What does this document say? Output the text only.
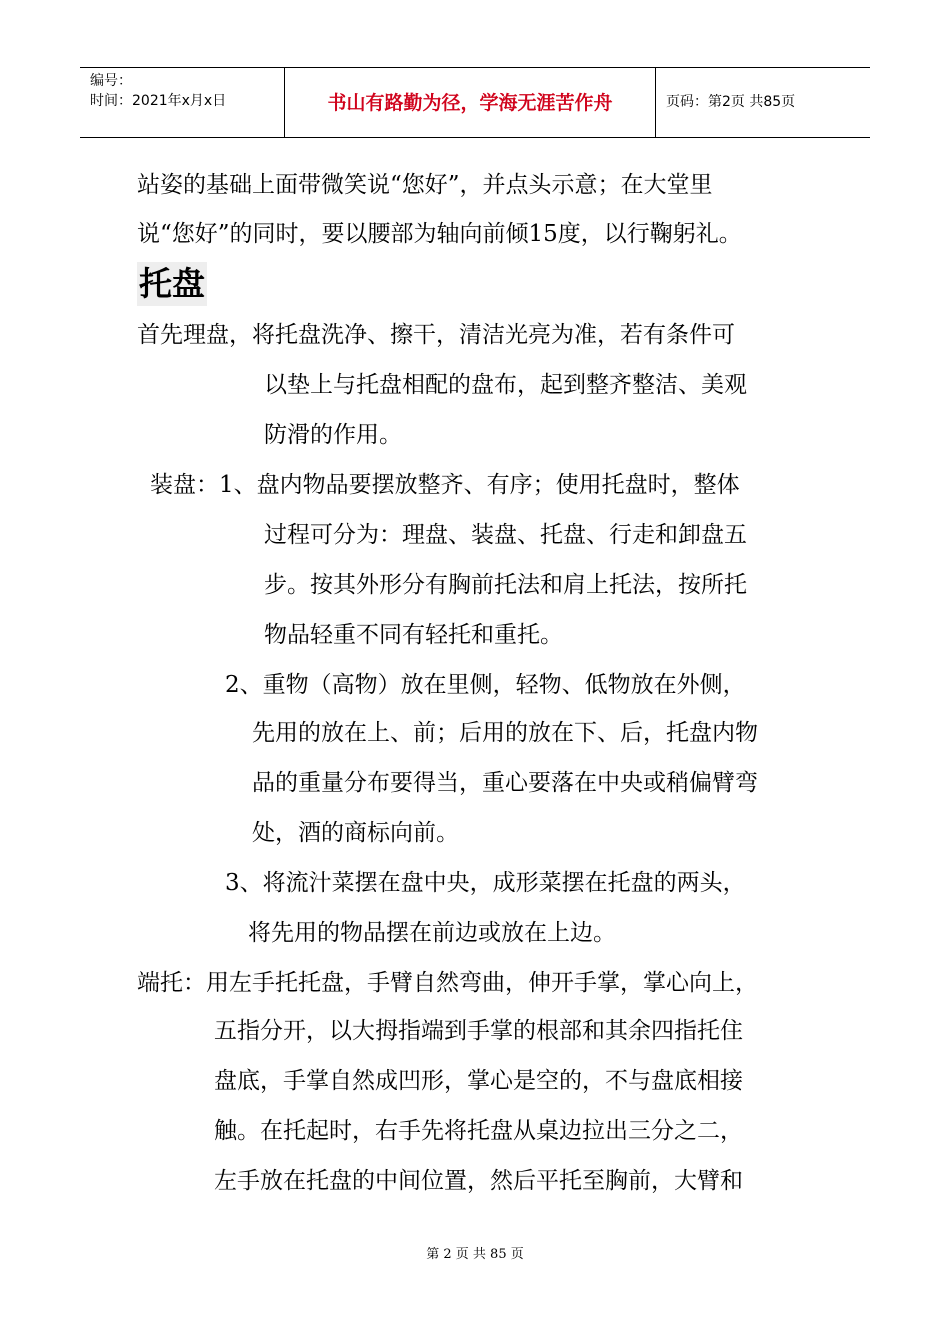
编号：
时间：2021年x月x日	书山有路勤为径，学海无涯苦作舟	页码：第2页 共85页
站姿的基础上面带微笑说“您好”，并点头示意；在大堂里
说“您好”的同时，要以腰部为轴向前倾15度，以行鞠躬礼。
托盘
首先理盘，将托盘洗净、擦干，清洁光亮为准，若有条件可
以垫上与托盘相配的盘布，起到整齐整洁、美观
防滑的作用。
装盘：1、盘内物品要摆放整齐、有序；使用托盘时，整体
过程可分为：理盘、装盘、托盘、行走和卸盘五
步。按其外形分有胸前托法和肩上托法，按所托
物品轻重不同有轻托和重托。
2、重物（高物）放在里侧，轻物、低物放在外侧，
先用的放在上、前；后用的放在下、后，托盘内物
品的重量分布要得当，重心要落在中央或稍偏臂弯
处，酒的商标向前。
3、将流汁菜摆在盘中央，成形菜摆在托盘的两头，
将先用的物品摆在前边或放在上边。
端托：用左手托托盘，手臂自然弯曲，伸开手掌，掌心向上，
五指分开，以大拇指端到手掌的根部和其余四指托住
盘底，手掌自然成凹形，掌心是空的，不与盘底相接
触。在托起时，右手先将托盘从桌边拉出三分之二，
左手放在托盘的中间位置，然后平托至胸前，大臂和
第 2 页 共 85 页
